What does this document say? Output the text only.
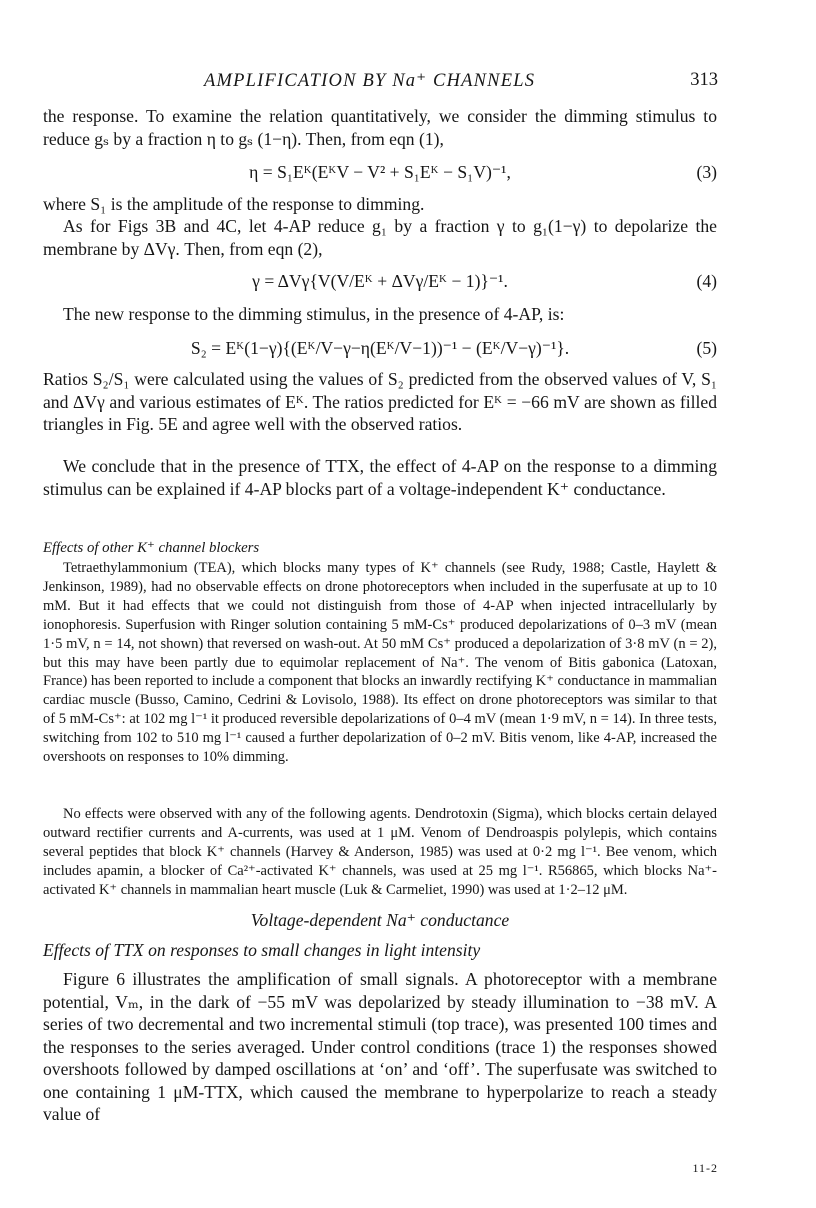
AMPLIFICATION BY Na⁺ CHANNELS	313

the response. To examine the relation quantitatively, we consider the dimming stimulus to reduce gₛ by a fraction η to gₛ (1−η). Then, from eqn (1),

η = S₁Eᴷ(EᴷV − V² + S₁Eᴷ − S₁V)⁻¹,	(3)

where S₁ is the amplitude of the response to dimming.

As for Figs 3B and 4C, let 4-AP reduce g₁ by a fraction γ to g₁(1−γ) to depolarize the membrane by ΔVγ. Then, from eqn (2),

γ = ΔVγ{V(V/Eᴷ + ΔVγ/Eᴷ − 1)}⁻¹.	(4)

The new response to the dimming stimulus, in the presence of 4-AP, is:

S₂ = Eᴷ(1−γ){(Eᴷ/V−γ−η(Eᴷ/V−1))⁻¹ − (Eᴷ/V−γ)⁻¹}.	(5)

Ratios S₂/S₁ were calculated using the values of S₂ predicted from the observed values of V, S₁ and ΔVγ and various estimates of Eᴷ. The ratios predicted for Eᴷ = −66 mV are shown as filled triangles in Fig. 5E and agree well with the observed ratios.

We conclude that in the presence of TTX, the effect of 4-AP on the response to a dimming stimulus can be explained if 4-AP blocks part of a voltage-independent K⁺ conductance.

Effects of other K⁺ channel blockers

Tetraethylammonium (TEA), which blocks many types of K⁺ channels (see Rudy, 1988; Castle, Haylett & Jenkinson, 1989), had no observable effects on drone photoreceptors when included in the superfusate at up to 10 mM. But it had effects that we could not distinguish from those of 4-AP when injected intracellularly by ionophoresis. Superfusion with Ringer solution containing 5 mM-Cs⁺ produced depolarizations of 0–3 mV (mean 1·5 mV, n = 14, not shown) that reversed on wash-out. At 50 mM Cs⁺ produced a depolarization of 3·8 mV (n = 2), but this may have been partly due to equimolar replacement of Na⁺. The venom of Bitis gabonica (Latoxan, France) has been reported to include a component that blocks an inwardly rectifying K⁺ conductance in mammalian cardiac muscle (Busso, Camino, Cedrini & Lovisolo, 1988). Its effect on drone photoreceptors was similar to that of 5 mM-Cs⁺: at 102 mg l⁻¹ it produced reversible depolarizations of 0–4 mV (mean 1·9 mV, n = 14). In three tests, switching from 102 to 510 mg l⁻¹ caused a further depolarization of 0–2 mV. Bitis venom, like 4-AP, increased the overshoots on responses to 10% dimming.

No effects were observed with any of the following agents. Dendrotoxin (Sigma), which blocks certain delayed outward rectifier currents and A-currents, was used at 1 μM. Venom of Dendroaspis polylepis, which contains several peptides that block K⁺ channels (Harvey & Anderson, 1985) was used at 0·2 mg l⁻¹. Bee venom, which includes apamin, a blocker of Ca²⁺-activated K⁺ channels, was used at 25 mg l⁻¹. R56865, which blocks Na⁺-activated K⁺ channels in mammalian heart muscle (Luk & Carmeliet, 1990) was used at 1·2–12 μM.

Voltage-dependent Na⁺ conductance
Effects of TTX on responses to small changes in light intensity

Figure 6 illustrates the amplification of small signals. A photoreceptor with a membrane potential, Vₘ, in the dark of −55 mV was depolarized by steady illumination to −38 mV. A series of two decremental and two incremental stimuli (top trace), was presented 100 times and the responses to the series averaged. Under control conditions (trace 1) the responses showed overshoots followed by damped oscillations at ‘on’ and ‘off’. The superfusate was switched to one containing 1 μM-TTX, which caused the membrane to hyperpolarize to reach a steady value of

11-2
